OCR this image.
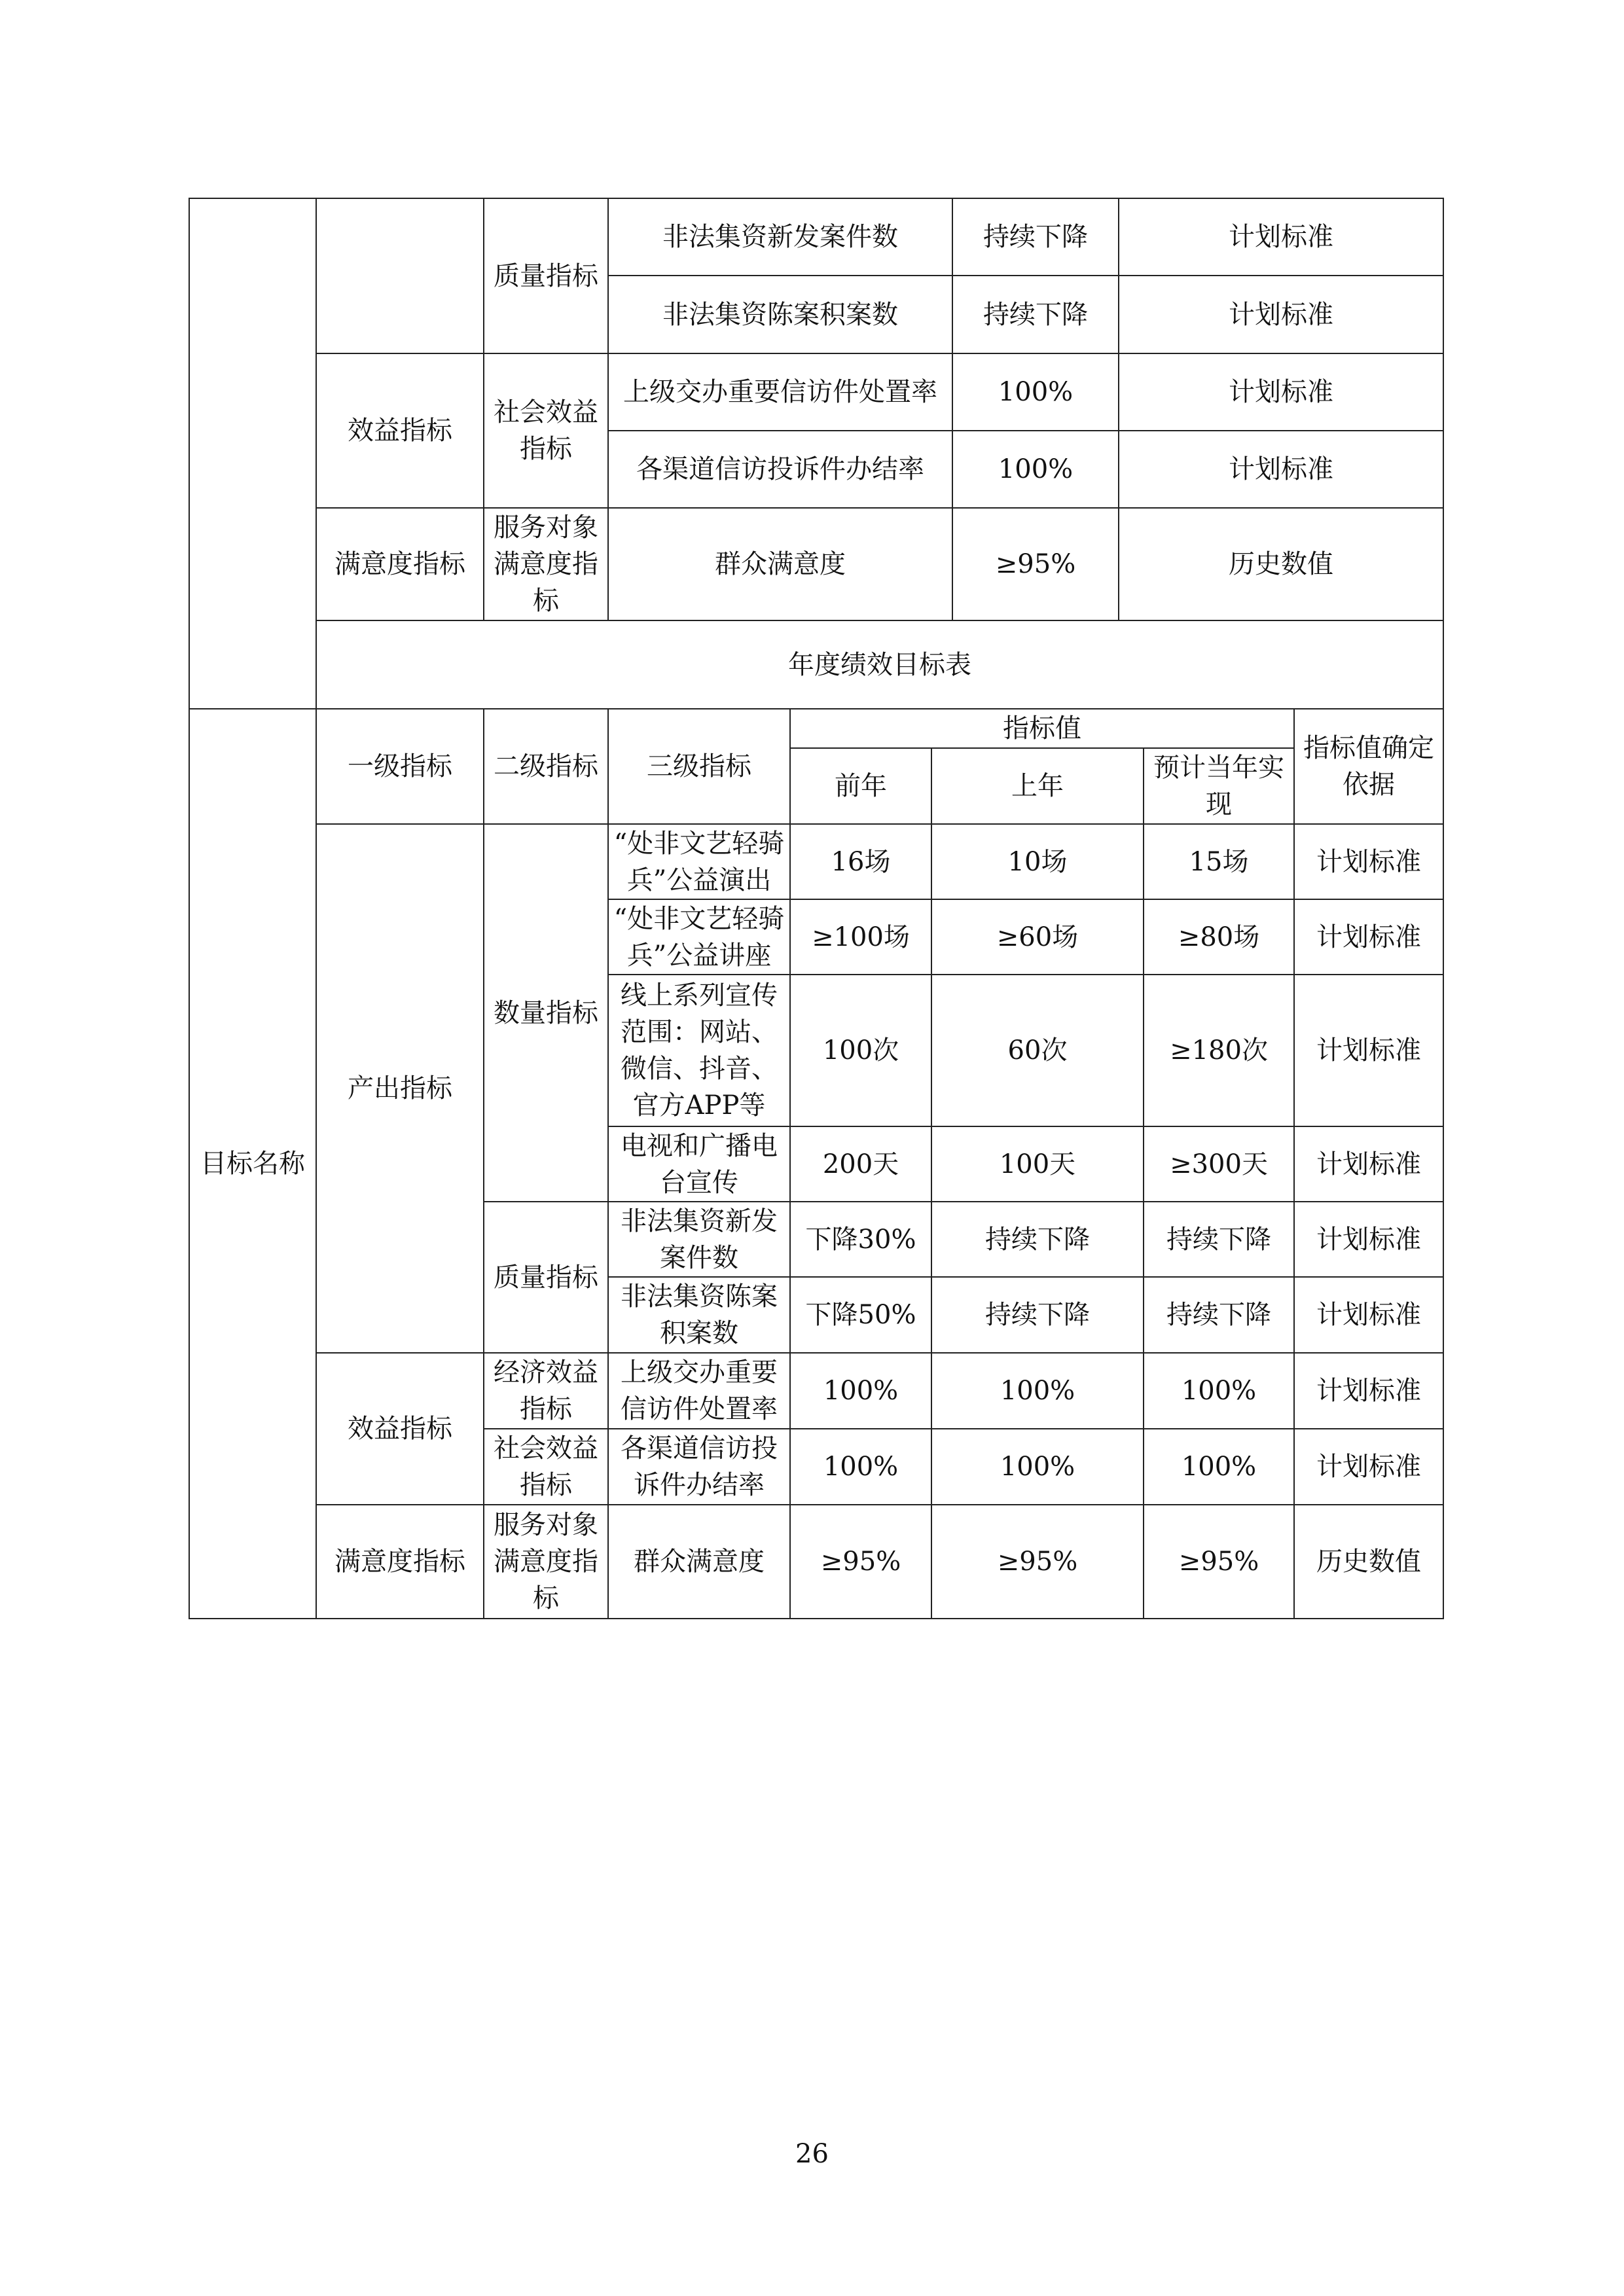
		质量指标	非法集资新发案件数	持续下降	计划标准
			非法集资陈案积案数	持续下降	计划标准
	效益指标	社会效益指标	上级交办重要信访件处置率	100%	计划标准
			各渠道信访投诉件办结率	100%	计划标准
	满意度指标	服务对象满意度指标	群众满意度	≥95%	历史数值
	年度绩效目标表				
目标名称	一级指标	二级指标	三级指标	指标值			指标值确定依据
				前年	上年	预计当年实现	
	产出指标	数量指标	“处非文艺轻骑兵”公益演出	16场	10场	15场	计划标准
			“处非文艺轻骑兵”公益讲座	≥100场	≥60场	≥80场	计划标准
			线上系列宣传范围：网站、微信、抖音、官方APP等	100次	60次	≥180次	计划标准
			电视和广播电台宣传	200天	100天	≥300天	计划标准
		质量指标	非法集资新发案件数	下降30%	持续下降	持续下降	计划标准
			非法集资陈案积案数	下降50%	持续下降	持续下降	计划标准
	效益指标	经济效益指标	上级交办重要信访件处置率	100%	100%	100%	计划标准
		社会效益指标	各渠道信访投诉件办结率	100%	100%	100%	计划标准
	满意度指标	服务对象满意度指标	群众满意度	≥95%	≥95%	≥95%	历史数值
26
